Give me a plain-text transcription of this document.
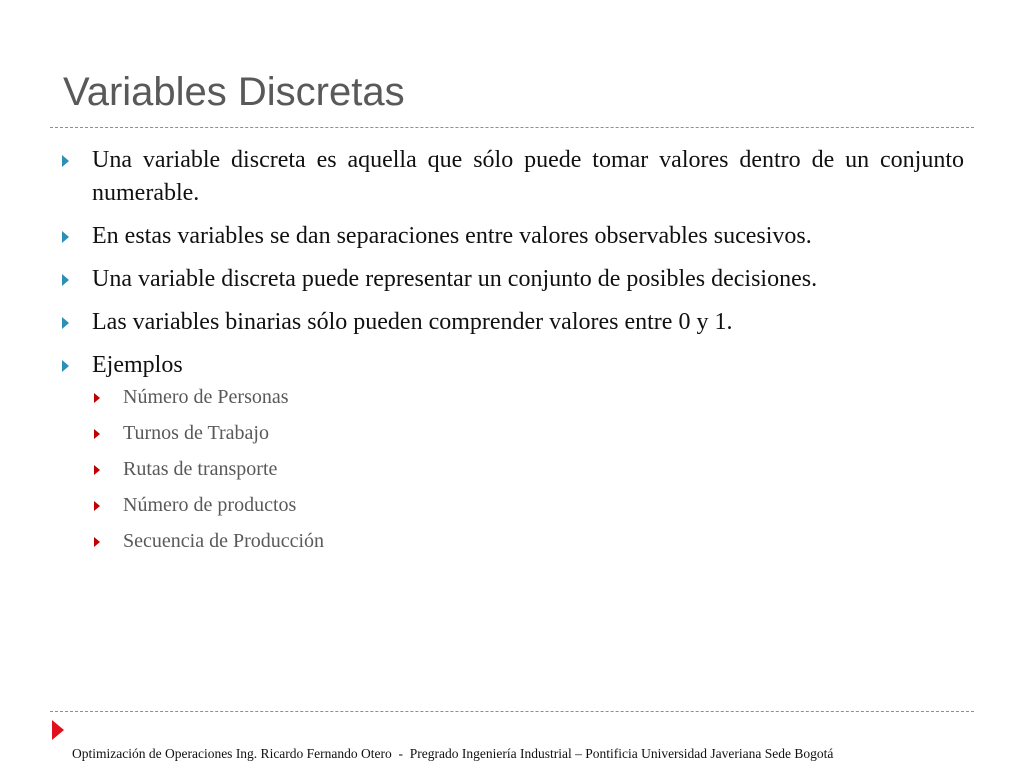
Variables Discretas
Una variable discreta es aquella que sólo puede tomar valores dentro de un conjunto numerable.
En estas variables se dan separaciones entre valores observables sucesivos.
Una variable discreta puede representar un conjunto de posibles decisiones.
Las variables binarias sólo pueden comprender valores entre 0 y 1.
Ejemplos
Número de Personas
Turnos de Trabajo
Rutas de transporte
Número de productos
Secuencia de Producción
Optimización de Operaciones Ing. Ricardo Fernando Otero  -  Pregrado Ingeniería Industrial – Pontificia Universidad Javeriana Sede Bogotá
